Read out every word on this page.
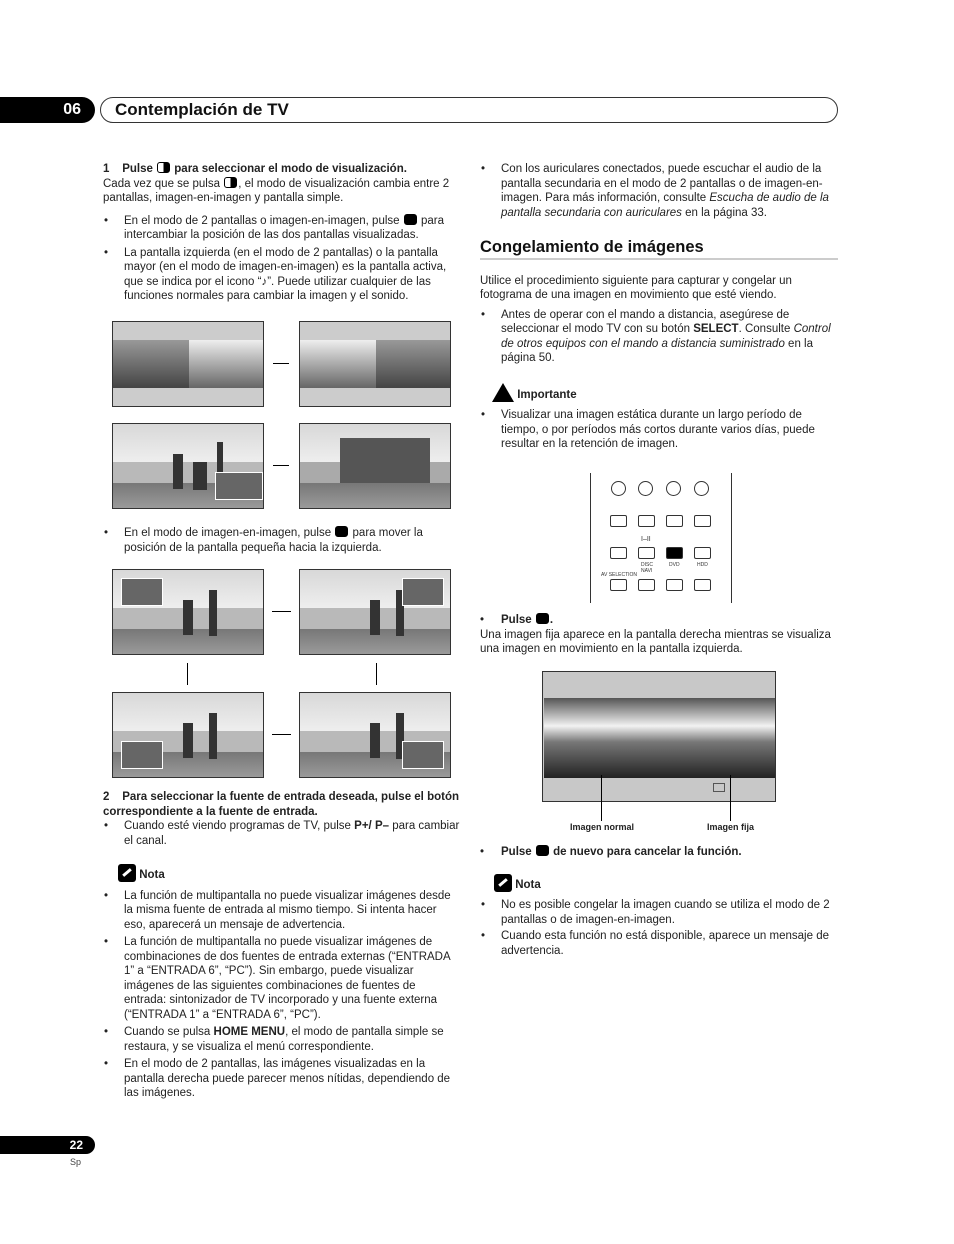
06	Contemplación de TV

1 Pulse para seleccionar el modo de visualización.

Cada vez que se pulsa , el modo de visualización cambia entre 2 pantallas, imagen-en-imagen y pantalla simple.

• En el modo de 2 pantallas o imagen-en-imagen, pulse para intercambiar la posición de las dos pantallas visualizadas.

• La pantalla izquierda (en el modo de 2 pantallas) o la pantalla mayor (en el modo de imagen-en-imagen) es la pantalla activa, que se indica por el icono “♪”. Puede utilizar cualquier de las funciones normales para cambiar la imagen y el sonido.

• En el modo de imagen-en-imagen, pulse para mover la posición de la pantalla pequeña hacia la izquierda.

2 Para seleccionar la fuente de entrada deseada, pulse el botón correspondiente a la fuente de entrada.

• Cuando esté viendo programas de TV, pulse P+/ P– para cambiar el canal.

Nota

• La función de multipantalla no puede visualizar imágenes desde la misma fuente de entrada al mismo tiempo. Si intenta hacer eso, aparecerá un mensaje de advertencia.

• La función de multipantalla no puede visualizar imágenes de combinaciones de dos fuentes de entrada externas (“ENTRADA 1” a “ENTRADA 6”, “PC”). Sin embargo, puede visualizar imágenes de las siguientes combinaciones de fuentes de entrada: sintonizador de TV incorporado y una fuente externa (“ENTRADA 1” a “ENTRADA 6”, “PC”).

• Cuando se pulsa HOME MENU, el modo de pantalla simple se restaura, y se visualiza el menú correspondiente.

• En el modo de 2 pantallas, las imágenes visualizadas en la pantalla derecha puede parecer menos nítidas, dependiendo de las imágenes.

• Con los auriculares conectados, puede escuchar el audio de la pantalla secundaria en el modo de 2 pantallas o de imagen-en-imagen. Para más información, consulte Escucha de audio de la pantalla secundaria con auriculares en la página 33.

Congelamiento de imágenes

Utilice el procedimiento siguiente para capturar y congelar un fotograma de una imagen en movimiento que esté viendo.

• Antes de operar con el mando a distancia, asegúrese de seleccionar el modo TV con su botón SELECT. Consulte Control de otros equipos con el mando a distancia suministrado en la página 50.

Importante

• Visualizar una imagen estática durante un largo período de tiempo, o por períodos más cortos durante varios días, puede resultar en la retención de imagen.

I–II
DISC NAVI
DVD	HDD
AV SELECTION

• Pulse .

Una imagen fija aparece en la pantalla derecha mientras se visualiza una imagen en movimiento en la pantalla izquierda.

Imagen normal	Imagen fija

• Pulse de nuevo para cancelar la función.

Nota

• No es posible congelar la imagen cuando se utiliza el modo de 2 pantallas o de imagen-en-imagen.

• Cuando esta función no está disponible, aparece un mensaje de advertencia.

22
Sp
